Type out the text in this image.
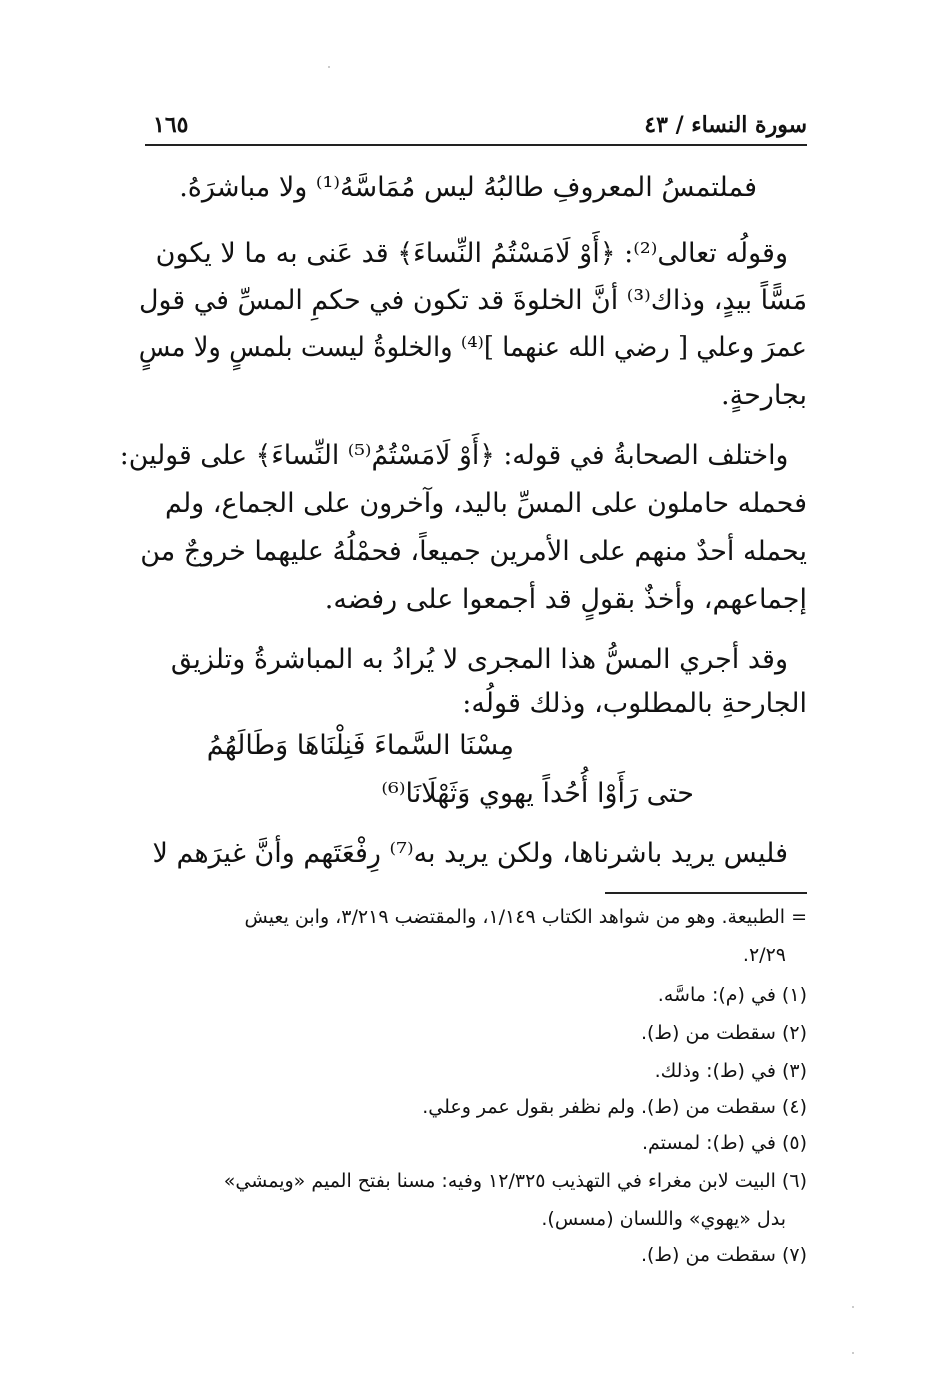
سورة النساء / ٤٣
١٦٥
فملتمسُ المعروفِ طالبُهُ ليس مُمَاسَّهُ⁽¹⁾ ولا مباشرَهُ.
وقولُه تعالى⁽²⁾: ﴿أَوْ لَامَسْتُمُ النِّساءَ﴾ قد عَنى به ما لا يكون
مَسًّاً بيدٍ، وذاك⁽³⁾ أنَّ الخلوةَ قد تكون في حكمِ المسِّ في قول
عمرَ وعلي [ رضي الله عنهما ]⁽⁴⁾ والخلوةُ ليست بلمسٍ ولا مسٍ
بجارحةٍ.
واختلف الصحابةُ في قوله: ﴿أَوْ لَامَسْتُمُ⁽⁵⁾ النِّساءَ﴾ على قولين:
فحمله حاملون على المسِّ باليد، وآخرون على الجماع، ولم
يحمله أحدٌ منهم على الأمرين جميعاً، فحمْلُهُ عليهما خروجٌ من
إجماعهم، وأخذٌ بقولٍ قد أجمعوا على رفضه.
وقد أجري المسُّ هذا المجرى لا يُرادُ به المباشرةُ وتلزيق
الجارحةِ بالمطلوب، وذلك قولُه:
مِسْنَا السَّماءَ فَنِلْنَاهَا وَطَالَهُمُ
حتى رَأَوْا أُحُداً يهوي وَثَهْلَانَا⁽⁶⁾
فليس يريد باشرناها، ولكن يريد به⁽⁷⁾ رِفْعَتَهم وأنَّ غيرَهم لا
= الطبيعة. وهو من شواهد الكتاب ١/١٤٩، والمقتضب ٣/٢١٩، وابن يعيش
٢/٢٩.
(١) في (م): ماسَّه.
(٢) سقطت من (ط).
(٣) في (ط): وذلك.
(٤) سقطت من (ط). ولم نظفر بقول عمر وعلي.
(٥) في (ط): لمستم.
(٦) البيت لابن مغراء في التهذيب ١٢/٣٢٥ وفيه: مسنا بفتح الميم «ويمشي»
بدل «يهوي» واللسان (مسس).
(٧) سقطت من (ط).
